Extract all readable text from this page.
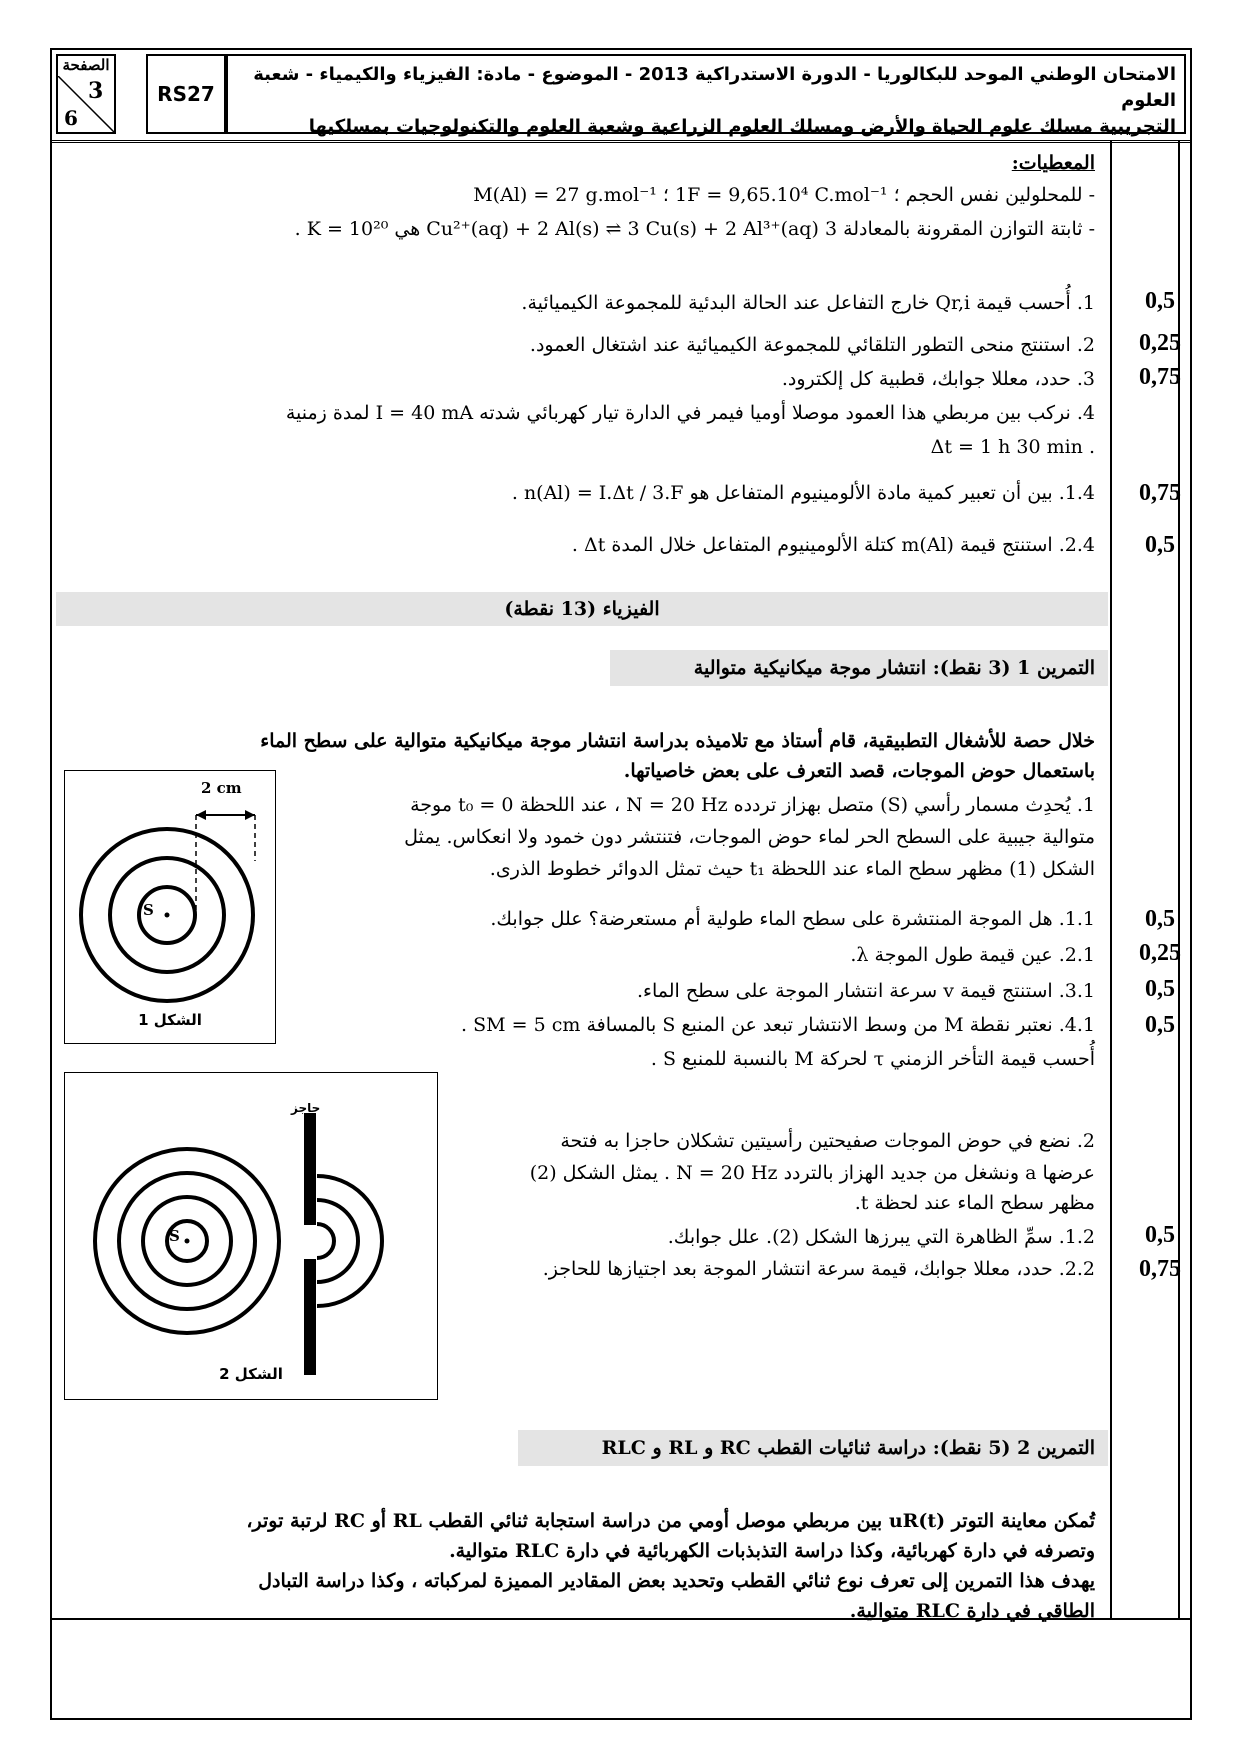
الصفحة
3
6
RS27
الامتحان الوطني الموحد للبكالوريا - الدورة الاستدراكية 2013 - الموضوع - مادة: الفيزياء والكيمياء - شعبة العلوم
التجريبية مسلك علوم الحياة والأرض ومسلك العلوم الزراعية وشعبة العلوم والتكنولوجيات بمسلكيها
المعطيات:
- للمحلولين نفس الحجم ؛ 1F = 9,65.10⁴ C.mol⁻¹ ؛ M(Al) = 27 g.mol⁻¹
- ثابتة التوازن المقرونة بالمعادلة 3 Cu²⁺(aq) + 2 Al(s) ⇌ 3 Cu(s) + 2 Al³⁺(aq) هي K = 10²⁰ .
1. أُحسب قيمة Qr,i خارج التفاعل عند الحالة البدئية للمجموعة الكيميائية.	0,5
2. استنتج منحى التطور التلقائي للمجموعة الكيميائية عند اشتغال العمود.	0,25
3. حدد، معللا جوابك، قطبية كل إلكترود.	0,75
4. نركب بين مربطي هذا العمود موصلا أوميا فيمر في الدارة تيار كهربائي شدته I = 40 mA لمدة زمنية
. Δt = 1 h 30 min
1.4. بين أن تعبير كمية مادة الألومينيوم المتفاعل هو n(Al) = I.Δt / 3.F .	0,75
2.4. استنتج قيمة m(Al) كتلة الألومينيوم المتفاعل خلال المدة Δt .	0,5
الفيزياء (13 نقطة)
التمرين 1 (3 نقط): انتشار موجة ميكانيكية متوالية
خلال حصة للأشغال التطبيقية، قام أستاذ مع تلاميذه بدراسة انتشار موجة ميكانيكية متوالية على سطح الماء
باستعمال حوض الموجات، قصد التعرف على بعض خاصياتها.
1. يُحدِث مسمار رأسي (S) متصل بهزاز تردده N = 20 Hz ، عند اللحظة t₀ = 0 موجة
متوالية جيبية على السطح الحر لماء حوض الموجات، فتنتشر دون خمود ولا انعكاس. يمثل
الشكل (1) مظهر سطح الماء عند اللحظة t₁ حيث تمثل الدوائر خطوط الذرى.
1.1. هل الموجة المنتشرة على سطح الماء طولية أم مستعرضة؟ علل جوابك.	0,5
2.1. عين قيمة طول الموجة λ.	0,25
3.1. استنتج قيمة v سرعة انتشار الموجة على سطح الماء.	0,5
4.1. نعتبر نقطة M من وسط الانتشار تبعد عن المنبع S بالمسافة SM = 5 cm .	0,5
أُحسب قيمة التأخر الزمني τ لحركة M بالنسبة للمنبع S .
2. نضع في حوض الموجات صفيحتين رأسيتين تشكلان حاجزا به فتحة
عرضها a ونشغل من جديد الهزاز بالتردد N = 20 Hz . يمثل الشكل (2)
مظهر سطح الماء عند لحظة t.
1.2. سمِّ الظاهرة التي يبرزها الشكل (2). علل جوابك.	0,5
2.2. حدد، معللا جوابك، قيمة سرعة انتشار الموجة بعد اجتيازها للحاجز.	0,75
2 cm
S
الشكل 1
حاجز
S
الشكل 2
التمرين 2 (5 نقط): دراسة ثنائيات القطب RC و RL و RLC
تُمكن معاينة التوتر uR(t) بين مربطي موصل أومي من دراسة استجابة ثنائي القطب RL أو RC لرتبة توتر،
وتصرفه في دارة كهربائية، وكذا دراسة التذبذبات الكهربائية في دارة RLC متوالية.
يهدف هذا التمرين إلى تعرف نوع ثنائي القطب وتحديد بعض المقادير المميزة لمركباته ، وكذا دراسة التبادل
الطاقي في دارة RLC متوالية.
